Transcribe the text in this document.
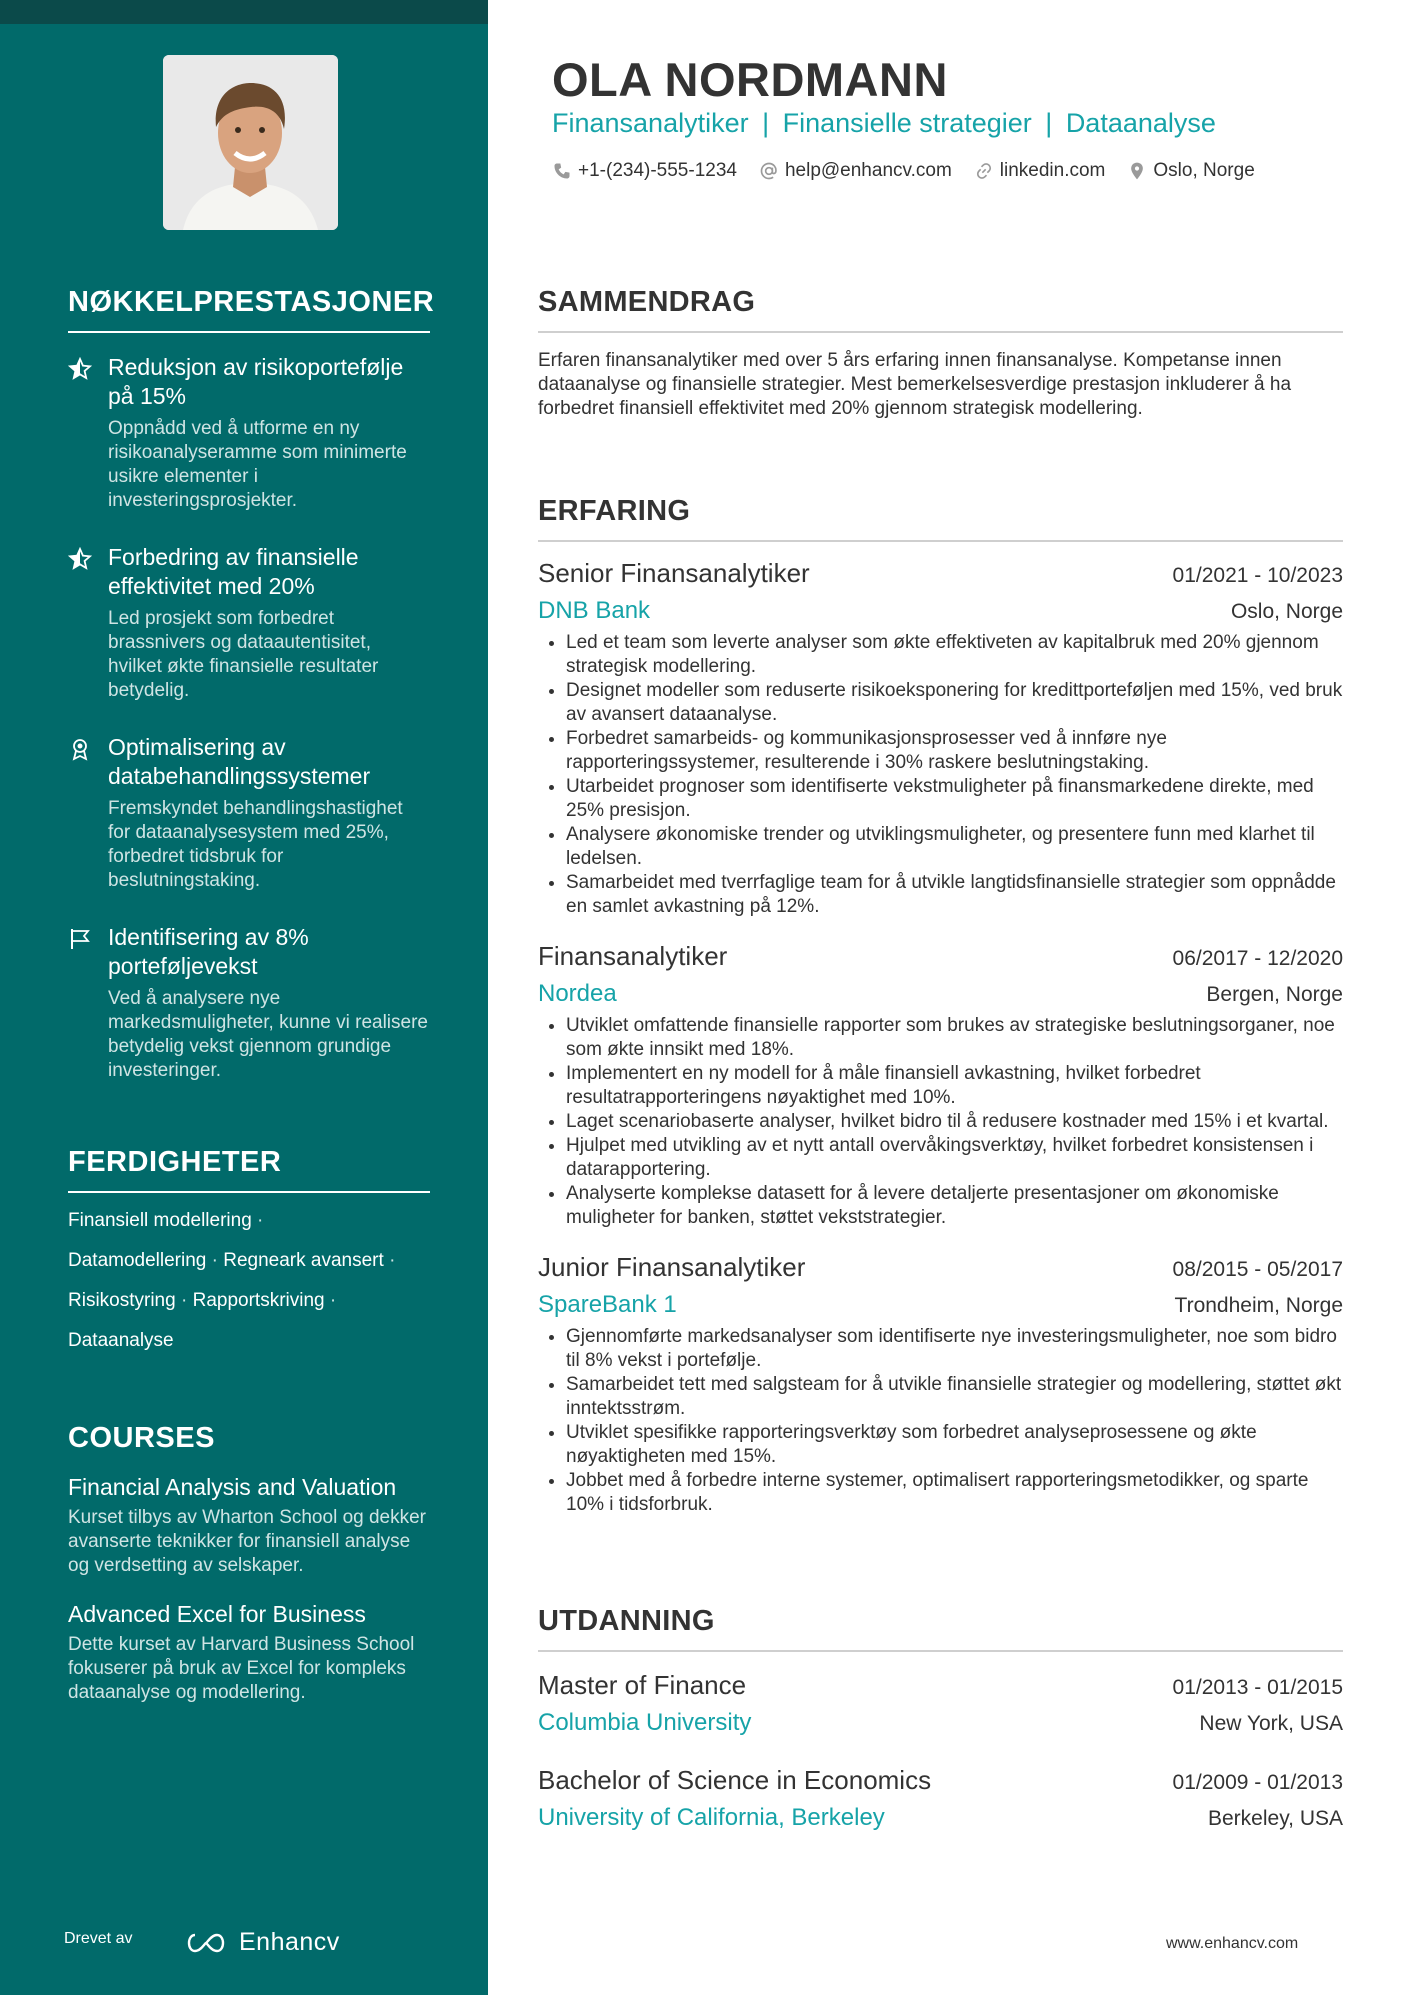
NØKKELPRESTASJONER
Reduksjon av risikoportefølje på 15%
Oppnådd ved å utforme en ny risikoanalyseramme som minimerte usikre elementer i investeringsprosjekter.
Forbedring av finansielle effektivitet med 20%
Led prosjekt som forbedret brassnivers og dataautentisitet, hvilket økte finansielle resultater betydelig.
Optimalisering av databehandlingssystemer
Fremskyndet behandlingshastighet for dataanalysesystem med 25%, forbedret tidsbruk for beslutningstaking.
Identifisering av 8% porteføljevekst
Ved å analysere nye markedsmuligheter, kunne vi realisere betydelig vekst gjennom grundige investeringer.
FERDIGHETER
Finansiell modellering ·
Datamodellering · Regneark avansert ·
Risikostyring · Rapportskriving ·
Dataanalyse
COURSES
Financial Analysis and Valuation
Kurset tilbys av Wharton School og dekker avanserte teknikker for finansiell analyse og verdsetting av selskaper.
Advanced Excel for Business
Dette kurset av Harvard Business School fokuserer på bruk av Excel for kompleks dataanalyse og modellering.
Drevet av	Enhancv
OLA NORDMANN
Finansanalytiker | Finansielle strategier | Dataanalyse
+1-(234)-555-1234	help@enhancv.com	linkedin.com	Oslo, Norge
SAMMENDRAG

Erfaren finansanalytiker med over 5 års erfaring innen finansanalyse. Kompetanse innen dataanalyse og finansielle strategier. Mest bemerkelsesverdige prestasjon inkluderer å ha forbedret finansiell effektivitet med 20% gjennom strategisk modellering.

ERFARING
Senior Finansanalytiker	01/2021 - 10/2023
DNB Bank	Oslo, Norge
• Led et team som leverte analyser som økte effektiveten av kapitalbruk med 20% gjennom strategisk modellering.
• Designet modeller som reduserte risikoeksponering for kredittporteføljen med 15%, ved bruk av avansert dataanalyse.
• Forbedret samarbeids- og kommunikasjonsprosesser ved å innføre nye rapporteringssystemer, resulterende i 30% raskere beslutningstaking.
• Utarbeidet prognoser som identifiserte vekstmuligheter på finansmarkedene direkte, med 25% presisjon.
• Analysere økonomiske trender og utviklingsmuligheter, og presentere funn med klarhet til ledelsen.
• Samarbeidet med tverrfaglige team for å utvikle langtidsfinansielle strategier som oppnådde en samlet avkastning på 12%.
Finansanalytiker	06/2017 - 12/2020
Nordea	Bergen, Norge
• Utviklet omfattende finansielle rapporter som brukes av strategiske beslutningsorganer, noe som økte innsikt med 18%.
• Implementert en ny modell for å måle finansiell avkastning, hvilket forbedret resultatrapporteringens nøyaktighet med 10%.
• Laget scenariobaserte analyser, hvilket bidro til å redusere kostnader med 15% i et kvartal.
• Hjulpet med utvikling av et nytt antall overvåkingsverktøy, hvilket forbedret konsistensen i datarapportering.
• Analyserte komplekse datasett for å levere detaljerte presentasjoner om økonomiske muligheter for banken, støttet vekststrategier.
Junior Finansanalytiker	08/2015 - 05/2017
SpareBank 1	Trondheim, Norge
• Gjennomførte markedsanalyser som identifiserte nye investeringsmuligheter, noe som bidro til 8% vekst i portefølje.
• Samarbeidet tett med salgsteam for å utvikle finansielle strategier og modellering, støttet økt inntektsstrøm.
• Utviklet spesifikke rapporteringsverktøy som forbedret analyseprosessene og økte nøyaktigheten med 15%.
• Jobbet med å forbedre interne systemer, optimalisert rapporteringsmetodikker, og sparte 10% i tidsforbruk.
UTDANNING
Master of Finance	01/2013 - 01/2015
Columbia University	New York, USA
Bachelor of Science in Economics	01/2009 - 01/2013
University of California, Berkeley	Berkeley, USA
www.enhancv.com
